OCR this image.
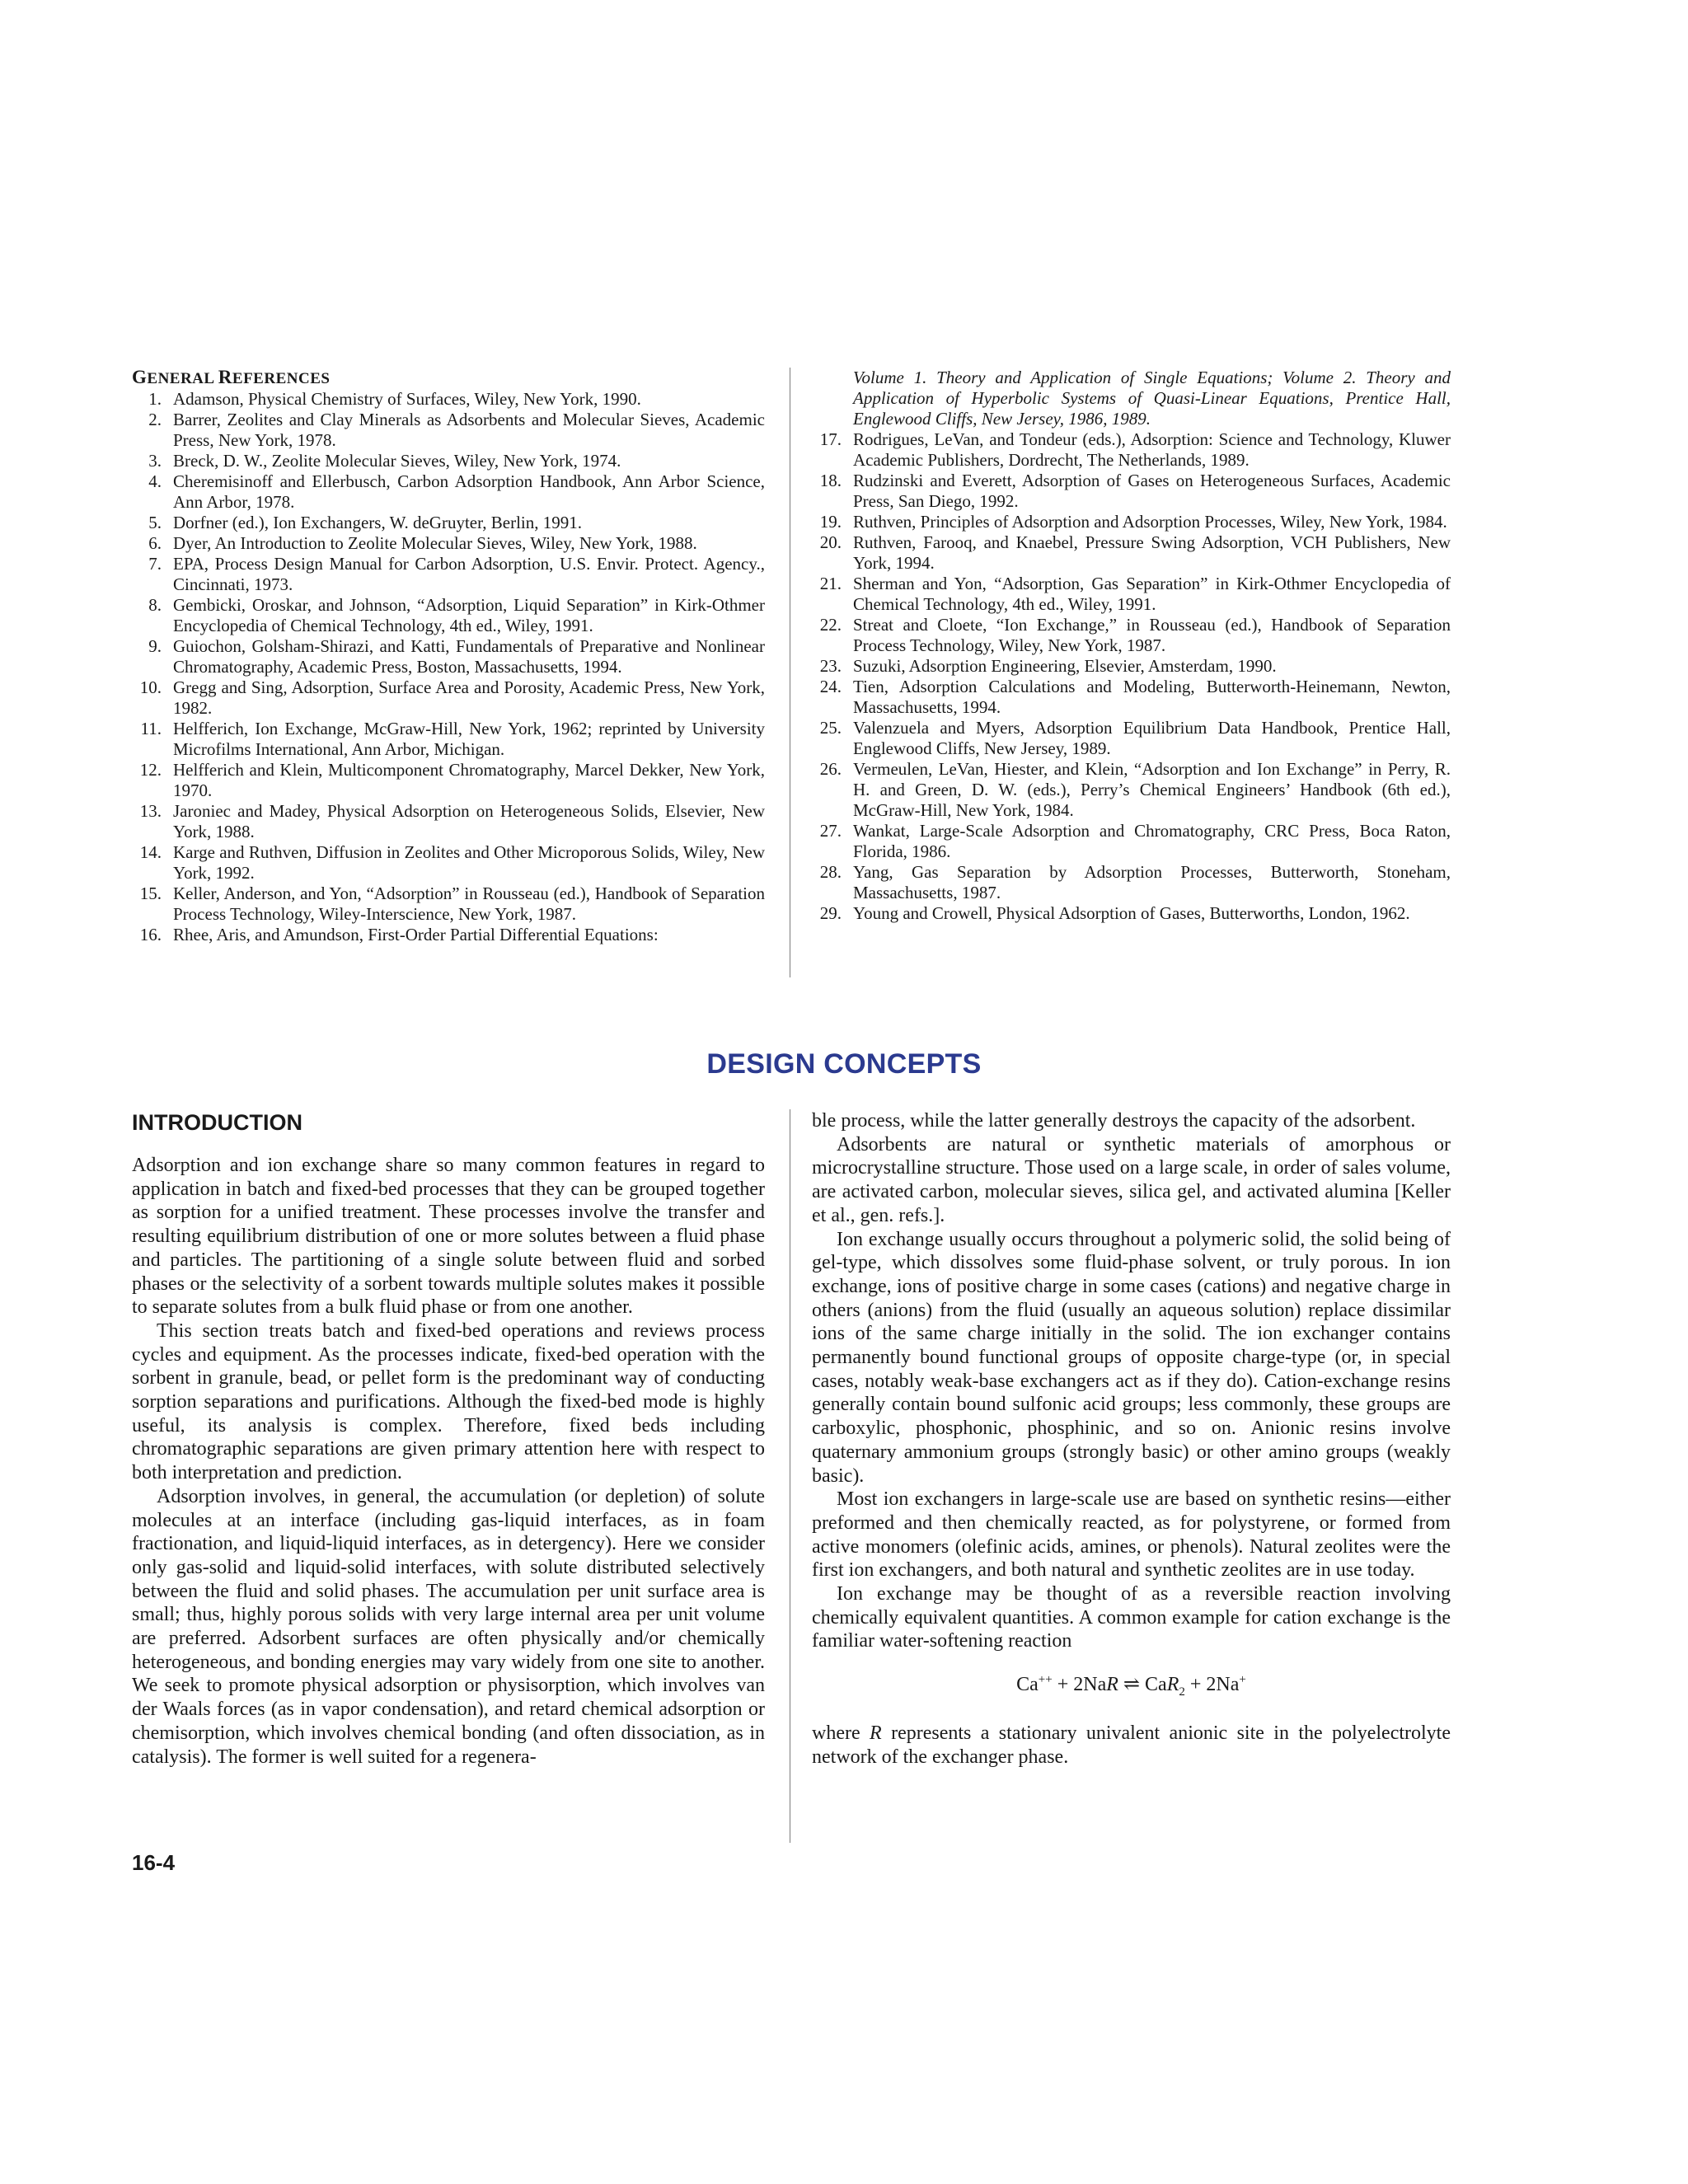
GENERAL REFERENCES
1. Adamson, Physical Chemistry of Surfaces, Wiley, New York, 1990.
2. Barrer, Zeolites and Clay Minerals as Adsorbents and Molecular Sieves, Academic Press, New York, 1978.
3. Breck, D. W., Zeolite Molecular Sieves, Wiley, New York, 1974.
4. Cheremisinoff and Ellerbusch, Carbon Adsorption Handbook, Ann Arbor Science, Ann Arbor, 1978.
5. Dorfner (ed.), Ion Exchangers, W. deGruyter, Berlin, 1991.
6. Dyer, An Introduction to Zeolite Molecular Sieves, Wiley, New York, 1988.
7. EPA, Process Design Manual for Carbon Adsorption, U.S. Envir. Protect. Agency., Cincinnati, 1973.
8. Gembicki, Oroskar, and Johnson, “Adsorption, Liquid Separation” in Kirk-Othmer Encyclopedia of Chemical Technology, 4th ed., Wiley, 1991.
9. Guiochon, Golsham-Shirazi, and Katti, Fundamentals of Preparative and Nonlinear Chromatography, Academic Press, Boston, Massachusetts, 1994.
10. Gregg and Sing, Adsorption, Surface Area and Porosity, Academic Press, New York, 1982.
11. Helfferich, Ion Exchange, McGraw-Hill, New York, 1962; reprinted by University Microfilms International, Ann Arbor, Michigan.
12. Helfferich and Klein, Multicomponent Chromatography, Marcel Dekker, New York, 1970.
13. Jaroniec and Madey, Physical Adsorption on Heterogeneous Solids, Elsevier, New York, 1988.
14. Karge and Ruthven, Diffusion in Zeolites and Other Microporous Solids, Wiley, New York, 1992.
15. Keller, Anderson, and Yon, “Adsorption” in Rousseau (ed.), Handbook of Separation Process Technology, Wiley-Interscience, New York, 1987.
16. Rhee, Aris, and Amundson, First-Order Partial Differential Equations:
Volume 1. Theory and Application of Single Equations; Volume 2. Theory and Application of Hyperbolic Systems of Quasi-Linear Equations, Prentice Hall, Englewood Cliffs, New Jersey, 1986, 1989.
17. Rodrigues, LeVan, and Tondeur (eds.), Adsorption: Science and Technology, Kluwer Academic Publishers, Dordrecht, The Netherlands, 1989.
18. Rudzinski and Everett, Adsorption of Gases on Heterogeneous Surfaces, Academic Press, San Diego, 1992.
19. Ruthven, Principles of Adsorption and Adsorption Processes, Wiley, New York, 1984.
20. Ruthven, Farooq, and Knaebel, Pressure Swing Adsorption, VCH Publishers, New York, 1994.
21. Sherman and Yon, “Adsorption, Gas Separation” in Kirk-Othmer Encyclopedia of Chemical Technology, 4th ed., Wiley, 1991.
22. Streat and Cloete, “Ion Exchange,” in Rousseau (ed.), Handbook of Separation Process Technology, Wiley, New York, 1987.
23. Suzuki, Adsorption Engineering, Elsevier, Amsterdam, 1990.
24. Tien, Adsorption Calculations and Modeling, Butterworth-Heinemann, Newton, Massachusetts, 1994.
25. Valenzuela and Myers, Adsorption Equilibrium Data Handbook, Prentice Hall, Englewood Cliffs, New Jersey, 1989.
26. Vermeulen, LeVan, Hiester, and Klein, “Adsorption and Ion Exchange” in Perry, R. H. and Green, D. W. (eds.), Perry’s Chemical Engineers’ Handbook (6th ed.), McGraw-Hill, New York, 1984.
27. Wankat, Large-Scale Adsorption and Chromatography, CRC Press, Boca Raton, Florida, 1986.
28. Yang, Gas Separation by Adsorption Processes, Butterworth, Stoneham, Massachusetts, 1987.
29. Young and Crowell, Physical Adsorption of Gases, Butterworths, London, 1962.
DESIGN CONCEPTS
INTRODUCTION

Adsorption and ion exchange share so many common features in regard to application in batch and fixed-bed processes that they can be grouped together as sorption for a unified treatment. These processes involve the transfer and resulting equilibrium distribution of one or more solutes between a fluid phase and particles. The partitioning of a single solute between fluid and sorbed phases or the selectivity of a sorbent towards multiple solutes makes it possible to separate solutes from a bulk fluid phase or from one another.

This section treats batch and fixed-bed operations and reviews process cycles and equipment. As the processes indicate, fixed-bed operation with the sorbent in granule, bead, or pellet form is the predominant way of conducting sorption separations and purifications. Although the fixed-bed mode is highly useful, its analysis is complex. Therefore, fixed beds including chromatographic separations are given primary attention here with respect to both interpretation and prediction.

Adsorption involves, in general, the accumulation (or depletion) of solute molecules at an interface (including gas-liquid interfaces, as in foam fractionation, and liquid-liquid interfaces, as in detergency). Here we consider only gas-solid and liquid-solid interfaces, with solute distributed selectively between the fluid and solid phases. The accumulation per unit surface area is small; thus, highly porous solids with very large internal area per unit volume are preferred. Adsorbent surfaces are often physically and/or chemically heterogeneous, and bonding energies may vary widely from one site to another. We seek to promote physical adsorption or physisorption, which involves van der Waals forces (as in vapor condensation), and retard chemical adsorption or chemisorption, which involves chemical bonding (and often dissociation, as in catalysis). The former is well suited for a regenera-

ble process, while the latter generally destroys the capacity of the adsorbent.

Adsorbents are natural or synthetic materials of amorphous or microcrystalline structure. Those used on a large scale, in order of sales volume, are activated carbon, molecular sieves, silica gel, and activated alumina [Keller et al., gen. refs.].

Ion exchange usually occurs throughout a polymeric solid, the solid being of gel-type, which dissolves some fluid-phase solvent, or truly porous. In ion exchange, ions of positive charge in some cases (cations) and negative charge in others (anions) from the fluid (usually an aqueous solution) replace dissimilar ions of the same charge initially in the solid. The ion exchanger contains permanently bound functional groups of opposite charge-type (or, in special cases, notably weak-base exchangers act as if they do). Cation-exchange resins generally contain bound sulfonic acid groups; less commonly, these groups are carboxylic, phosphonic, phosphinic, and so on. Anionic resins involve quaternary ammonium groups (strongly basic) or other amino groups (weakly basic).

Most ion exchangers in large-scale use are based on synthetic resins—either preformed and then chemically reacted, as for polystyrene, or formed from active monomers (olefinic acids, amines, or phenols). Natural zeolites were the first ion exchangers, and both natural and synthetic zeolites are in use today.

Ion exchange may be thought of as a reversible reaction involving chemically equivalent quantities. A common example for cation exchange is the familiar water-softening reaction

Ca++ + 2NaR ⇌ CaR$_2$ + 2Na+

where R represents a stationary univalent anionic site in the polyelectrolyte network of the exchanger phase.

16-4
